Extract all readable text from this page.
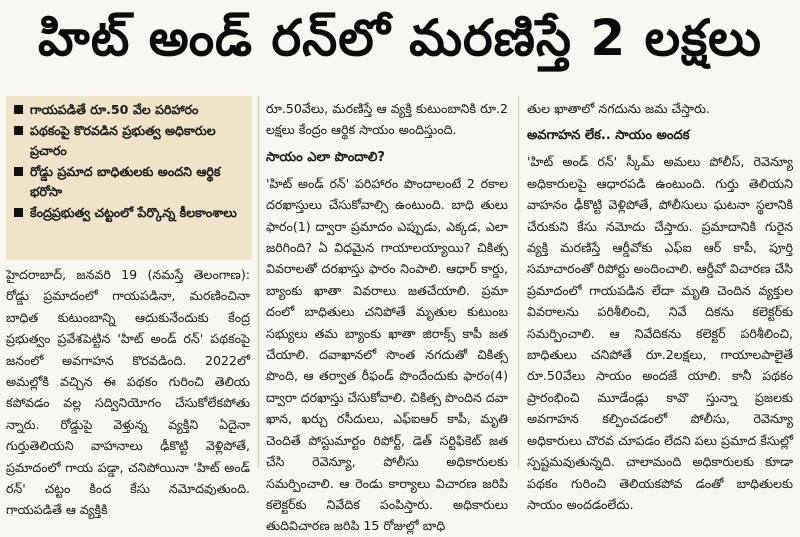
హిట్ అండ్ రన్‌లో మరణిస్తే 2 లక్షలు
గాయపడితే రూ.50 వేల పరిహారం
పథకంపై కొరవడిన ప్రభుత్వ అధికారుల ప్రచారం
రోడ్డు ప్రమాద బాధితులకు అందని ఆర్థిక భరోసా
కేంద్రప్రభుత్వ చట్టంలో పేర్కొన్న కీలకాంశాలు

హైదరాబాద్, జనవరి 19 (నమస్తే తెలంగాణ): రోడ్డు ప్రమాదంలో గాయపడినా, మరణించినా బాధిత కుటుంబాన్ని ఆదుకునేందుకు కేంద్ర ప్రభుత్వం ప్రవేశపెట్టిన 'హిట్ అండ్ రన్' పథకంపై జనంలో అవగాహన కొరవడింది. 2022లో అమల్లోకి వచ్చిన ఈ పథకం గురించి తెలియ కపోవడం వల్ల సద్వినియోగం చేసుకోలేకపోతు న్నారు. రోడ్డుపై వెళ్తున్న వ్యక్తిని ఏదైనా గుర్తుతెలియని వాహనాలు ఢీకొట్టి వెళ్లిపోతే, ప్రమాదంలో గాయ పడ్డా, చనిపోయినా 'హిట్ అండ్ రన్' చట్టం కింద కేసు నమోదవుతుంది. గాయపడితే ఆ వ్యక్తికి

రూ.50వేలు, మరణిస్తే ఆ వ్యక్తి కుటుంబానికి రూ.2 లక్షలు కేంద్రం ఆర్థిక సాయం అందిస్తుంది.

సాయం ఎలా పొందాలి?

'హిట్ అండ్ రన్' పరిహారం పొందాలంటే 2 రకాల దరఖాస్తులు చేసుకోవాల్సి ఉంటుంది. బాధి తులు ఫారం(1) ద్వారా ప్రమాదం ఎప్పుడు, ఎక్కడ, ఎలా జరిగింది? ఏ విధమైన గాయాలయ్యాయి? చికిత్స వివరాలతో దరఖాస్తు ఫారం నింపాలి. ఆధార్ కార్డు, బ్యాంకు ఖాతా వివరాలు జతచేయాలి. ప్రమా దంలో బాధితులు చనిపోతే మృతుల కుటుంబ సభ్యులు తమ బ్యాంకు ఖాతా జిరాక్స్ కాపీ జత చేయాలి. దవాఖానలో సొంత నగదుతో చికిత్స పొంది, ఆ తర్వాత రీఫండ్ పొందేందుకు ఫారం(4) ద్వారా దరఖాస్తు చేసుకోవాలి. చికిత్స పొందిన దవా ఖాన, ఖర్చు రసీదులు, ఎఫ్ఐఆర్ కాపీ, మృతి చెందితే పోస్టుమార్టం రిపోర్ట్, డెత్ సర్టిఫికెట్ జత చేసి రెవెన్యూ, పోలీసు అధికారులకు సమర్పించాలి. ఆ రెండు కార్యాలు విచారణ జరిపి కలెక్టర్‌కు నివేదిక పంపిస్తారు. అధికారులు తుదివిచారణ జరిపి 15 రోజుల్లో బాధి

తుల ఖాతాలో నగదును జమ చేస్తారు.

అవగాహన లేక.. సాయం అందక

'హిట్ అండ్ రన్' స్కీమ్ అమలు పోలీస్, రెవెన్యూ అధికారులపై ఆధారపడి ఉంటుంది. గుర్తు తెలియని వాహనం ఢీకొట్టి వెళ్లిపోతే, పోలీసులు ఘటనా స్థలానికి చేరుకుని కేసు నమోదు చేస్తారు. ప్రమాదానికి గురైన వ్యక్తి మరణిస్తే ఆర్డీవోకు ఎఫ్ఐ ఆర్ కాపీ, పూర్తి సమాచారంతో రిపోర్టు అందించాలి. ఆర్డీవో విచారణ చేసి ప్రమాదంలో గాయపడిన లేదా మృతి చెందిన వ్యక్తుల వివరాలను పరిశీలించి, నివే దికను కలెక్టర్‌కు సమర్పించాలి. ఆ నివేదికను కలెక్టర్ పరిశీలించి, బాధితులు చనిపోతే రూ.2లక్షలు, గాయాలపాలైతే రూ.50వేలు సాయం అందజే యాలి. కానీ పథకం ప్రారంభించి మూడేండ్లు కావొ స్తున్నా ప్రజలకు అవగాహన కల్పించడంలో పోలీసు, రెవెన్యూ అధికారులు చొరవ చూపడం లేదని పలు ప్రమాద కేసుల్లో స్పష్టమవుతున్నది. చాలామంది అధికారులకు కూడా పథకం గురించి తెలియకపోవ డంతో బాధితులకు సాయం అందడంలేదు.
